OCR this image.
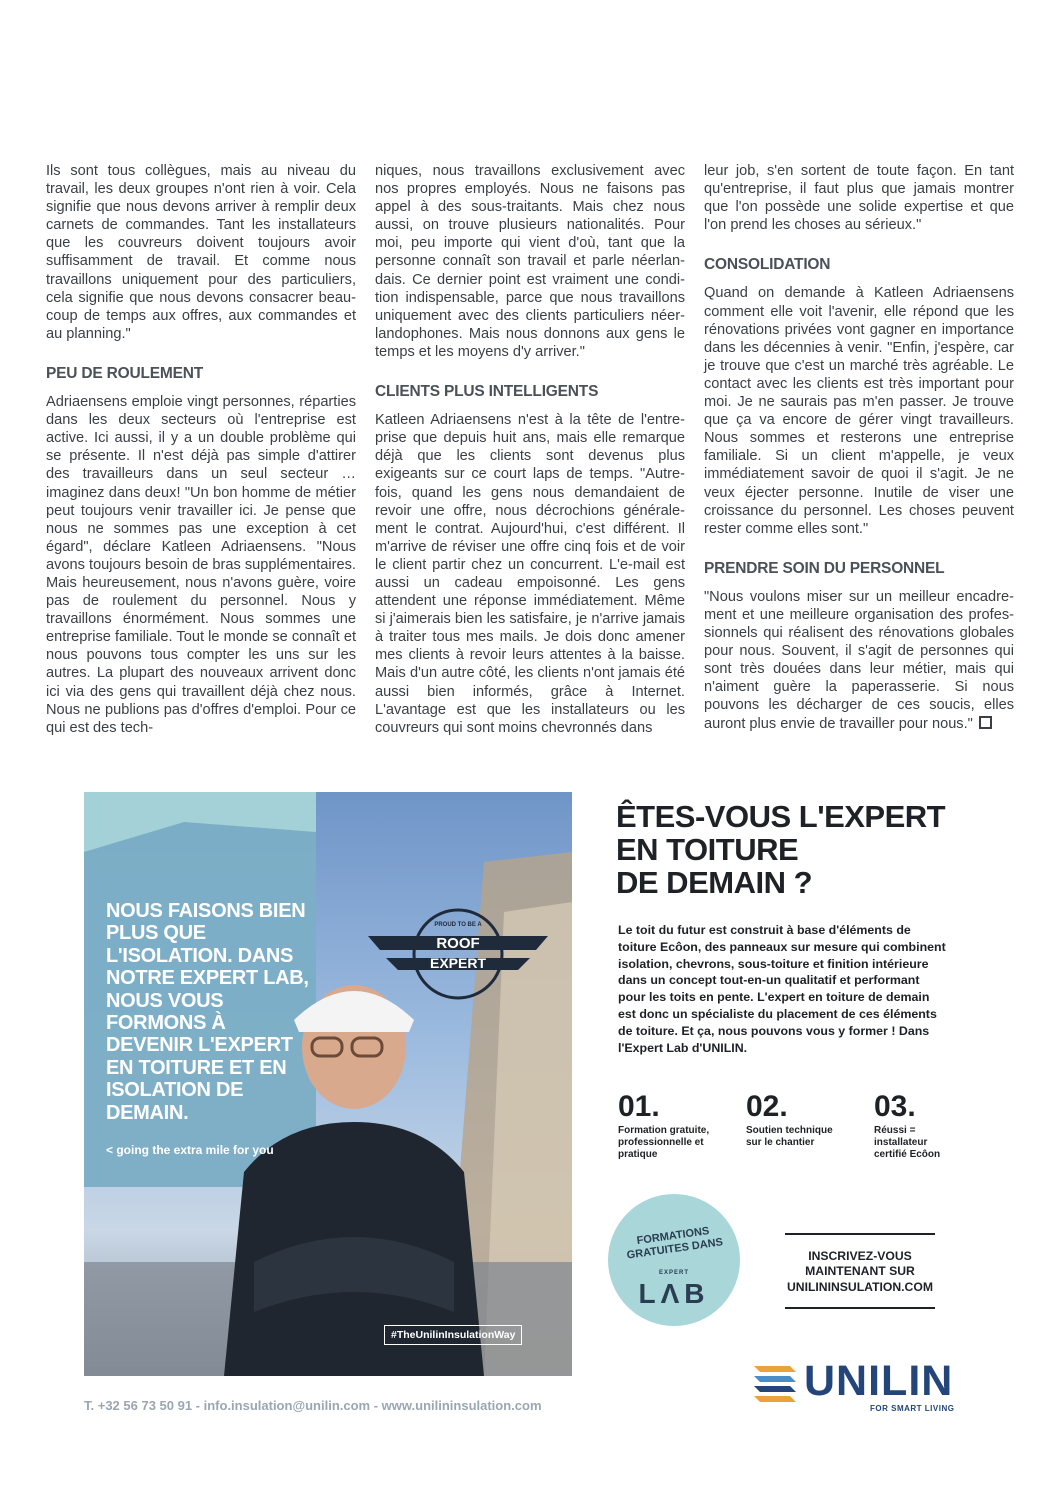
Ils sont tous collègues, mais au niveau du travail, les deux groupes n'ont rien à voir. Cela signifie que nous devons arriver à remplir deux carnets de commandes. Tant les installateurs que les couvreurs doivent toujours avoir suffisamment de travail. Et comme nous travaillons uniquement pour des particuliers, cela signifie que nous devons consacrer beaucoup de temps aux offres, aux commandes et au planning."

PEU DE ROULEMENT

Adriaensens emploie vingt personnes, réparties dans les deux secteurs où l'entreprise est active. Ici aussi, il y a un double problème qui se présente. Il n'est déjà pas simple d'attirer des travailleurs dans un seul secteur … imaginez dans deux! "Un bon homme de métier peut toujours venir travailler ici. Je pense que nous ne sommes pas une exception à cet égard", déclare Katleen Adriaensens. "Nous avons toujours besoin de bras supplémentaires. Mais heureusement, nous n'avons guère, voire pas de roulement du personnel. Nous y travaillons énormément. Nous sommes une entreprise familiale. Tout le monde se connaît et nous pouvons tous compter les uns sur les autres. La plupart des nouveaux arrivent donc ici via des gens qui travaillent déjà chez nous. Nous ne publions pas d'offres d'emploi. Pour ce qui est des tech-

niques, nous travaillons exclusivement avec nos propres employés. Nous ne faisons pas appel à des sous-traitants. Mais chez nous aussi, on trouve plusieurs nationalités. Pour moi, peu importe qui vient d'où, tant que la personne connaît son travail et parle néerlandais. Ce dernier point est vraiment une condition indispensable, parce que nous travaillons uniquement avec des clients particuliers néerlandophones. Mais nous donnons aux gens le temps et les moyens d'y arriver."

CLIENTS PLUS INTELLIGENTS

Katleen Adriaensens n'est à la tête de l'entreprise que depuis huit ans, mais elle remarque déjà que les clients sont devenus plus exigeants sur ce court laps de temps. "Autrefois, quand les gens nous demandaient de revoir une offre, nous décrochions généralement le contrat. Aujourd'hui, c'est différent. Il m'arrive de réviser une offre cinq fois et de voir le client partir chez un concurrent. L'e-mail est aussi un cadeau empoisonné. Les gens attendent une réponse immédiatement. Même si j'aimerais bien les satisfaire, je n'arrive jamais à traiter tous mes mails. Je dois donc amener mes clients à revoir leurs attentes à la baisse. Mais d'un autre côté, les clients n'ont jamais été aussi bien informés, grâce à Internet. L'avantage est que les installateurs ou les couvreurs qui sont moins chevronnés dans

leur job, s'en sortent de toute façon. En tant qu'entreprise, il faut plus que jamais montrer que l'on possède une solide expertise et que l'on prend les choses au sérieux."

CONSOLIDATION

Quand on demande à Katleen Adriaensens comment elle voit l'avenir, elle répond que les rénovations privées vont gagner en importance dans les décennies à venir. "Enfin, j'espère, car je trouve que c'est un marché très agréable. Le contact avec les clients est très important pour moi. Je ne saurais pas m'en passer. Je trouve que ça va encore de gérer vingt travailleurs. Nous sommes et resterons une entreprise familiale. Si un client m'appelle, je veux immédiatement savoir de quoi il s'agit. Je ne veux éjecter personne. Inutile de viser une croissance du personnel. Les choses peuvent rester comme elles sont."

PRENDRE SOIN DU PERSONNEL

"Nous voulons miser sur un meilleur encadrement et une meilleure organisation des professionnels qui réalisent des rénovations globales pour nous. Souvent, il s'agit de personnes qui sont très douées dans leur métier, mais qui n'aiment guère la paperasserie. Si nous pouvons les décharger de ces soucis, elles auront plus envie de travailler pour nous."

NOUS FAISONS BIEN PLUS QUE L'ISOLATION. DANS NOTRE EXPERT LAB, NOUS VOUS FORMONS À DEVENIR L'EXPERT EN TOITURE ET EN ISOLATION DE DEMAIN.
< going the extra mile for you
#TheUnilinInsulationWay
PROUD TO BE A
ROOF
EXPERT
ÊTES-VOUS L'EXPERT
EN TOITURE
DE DEMAIN ?
Le toit du futur est construit à base d'éléments de toiture Ecôon, des panneaux sur mesure qui combinent isolation, chevrons, sous-toiture et finition intérieure dans un concept tout-en-un qualitatif et performant pour les toits en pente. L'expert en toiture de demain est donc un spécialiste du placement de ces éléments de toiture. Et ça, nous pouvons vous y former ! Dans l'Expert Lab d'UNILIN.
01.
Formation gratuite, professionnelle et pratique
02.
Soutien technique sur le chantier
03.
Réussi = installateur certifié Ecôon
FORMATIONS GRATUITES DANS
EXPERT
LΛB
INSCRIVEZ-VOUS MAINTENANT SUR UNILININSULATION.COM
UNILIN
FOR SMART LIVING
T. +32 56 73 50 91 - info.insulation@unilin.com - www.unilininsulation.com
